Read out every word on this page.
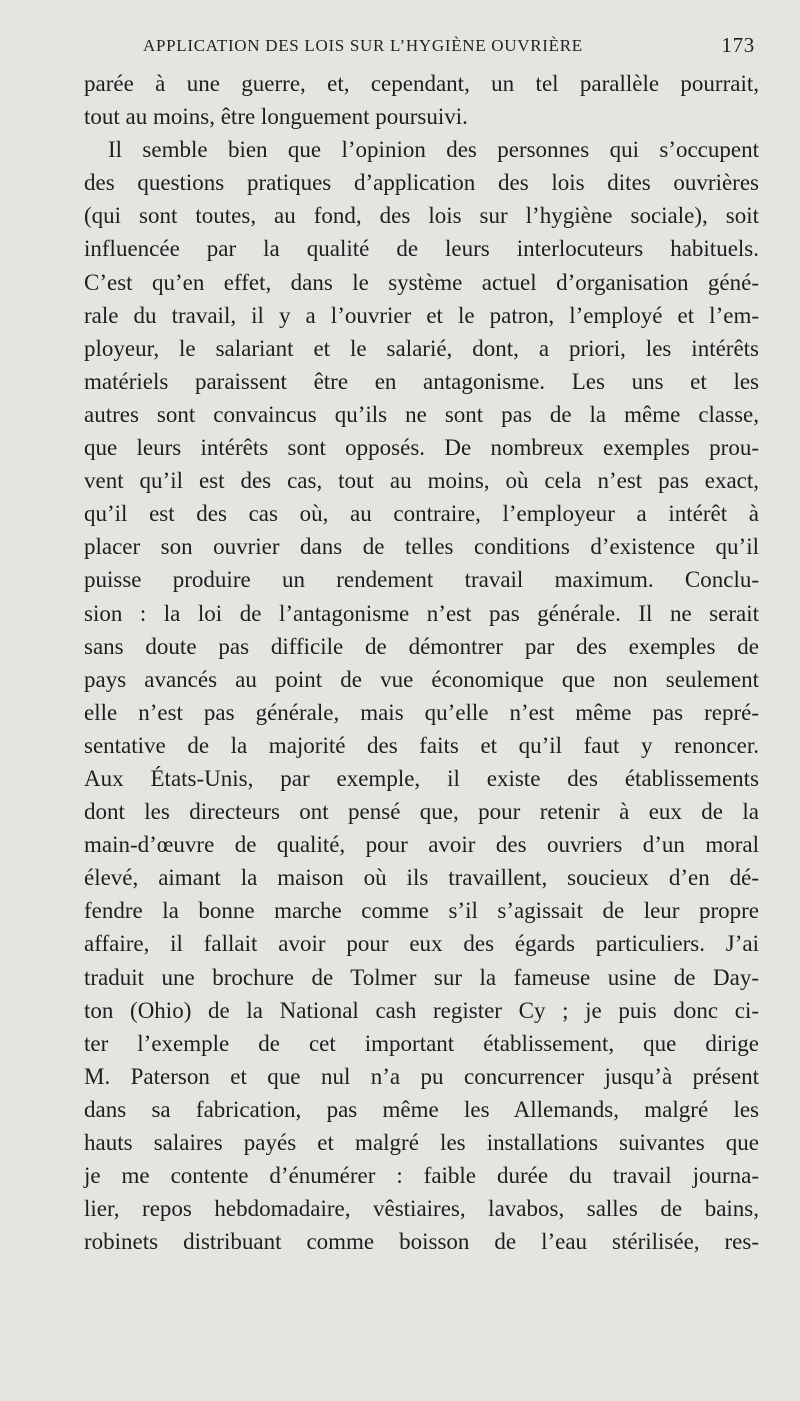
APPLICATION DES LOIS SUR L’HYGIÈNE OUVRIÈRE	173
parée à une guerre, et, cependant, un tel parallèle pourrait,
tout au moins, être longuement poursuivi.
Il semble bien que l’opinion des personnes qui s’occupent
des questions pratiques d’application des lois dites ouvrières
(qui sont toutes, au fond, des lois sur l’hygiène sociale), soit
influencée par la qualité de leurs interlocuteurs habituels.
C’est qu’en effet, dans le système actuel d’organisation géné-
rale du travail, il y a l’ouvrier et le patron, l’employé et l’em-
ployeur, le salariant et le salarié, dont, a priori, les intérêts
matériels paraissent être en antagonisme. Les uns et les
autres sont convaincus qu’ils ne sont pas de la même classe,
que leurs intérêts sont opposés. De nombreux exemples prou-
vent qu’il est des cas, tout au moins, où cela n’est pas exact,
qu’il est des cas où, au contraire, l’employeur a intérêt à
placer son ouvrier dans de telles conditions d’existence qu’il
puisse produire un rendement travail maximum. Conclu-
sion : la loi de l’antagonisme n’est pas générale. Il ne serait
sans doute pas difficile de démontrer par des exemples de
pays avancés au point de vue économique que non seulement
elle n’est pas générale, mais qu’elle n’est même pas repré-
sentative de la majorité des faits et qu’il faut y renoncer.
Aux États-Unis, par exemple, il existe des établissements
dont les directeurs ont pensé que, pour retenir à eux de la
main-d’œuvre de qualité, pour avoir des ouvriers d’un moral
élevé, aimant la maison où ils travaillent, soucieux d’en dé-
fendre la bonne marche comme s’il s’agissait de leur propre
affaire, il fallait avoir pour eux des égards particuliers. J’ai
traduit une brochure de Tolmer sur la fameuse usine de Day-
ton (Ohio) de la National cash register Cy ; je puis donc ci-
ter l’exemple de cet important établissement, que dirige
M. Paterson et que nul n’a pu concurrencer jusqu’à présent
dans sa fabrication, pas même les Allemands, malgré les
hauts salaires payés et malgré les installations suivantes que
je me contente d’énumérer : faible durée du travail journa-
lier, repos hebdomadaire, vêstiaires, lavabos, salles de bains,
robinets distribuant comme boisson de l’eau stérilisée, res-
